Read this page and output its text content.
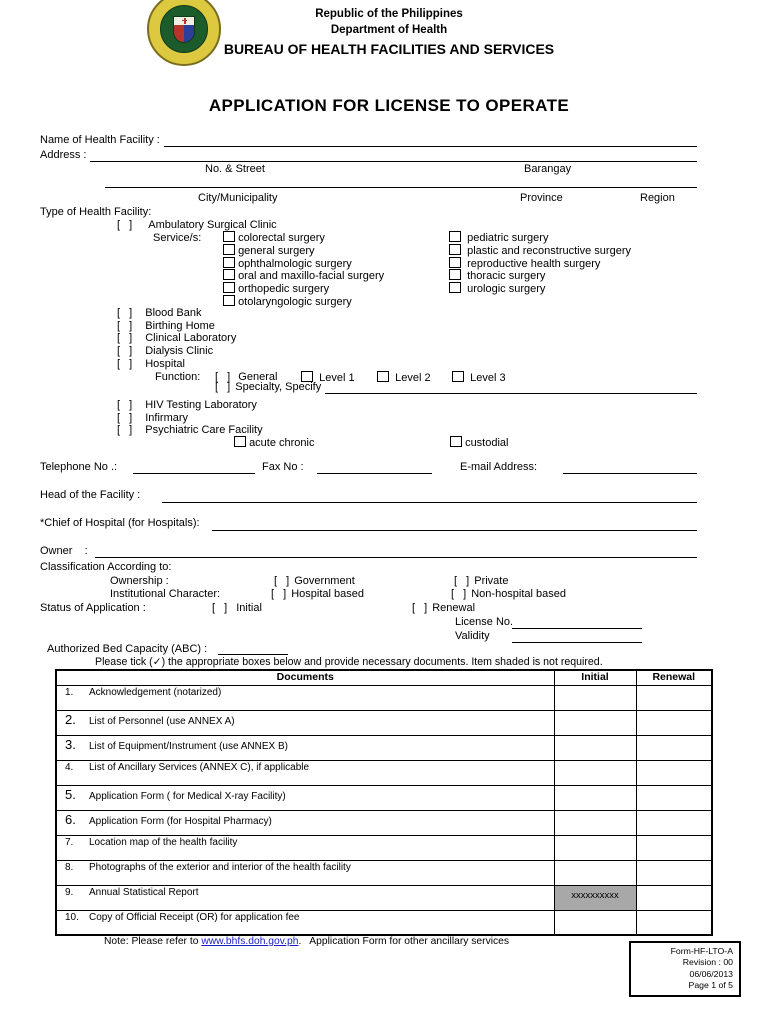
Republic of the Philippines
Department of Health
BUREAU OF HEALTH FACILITIES AND SERVICES
APPLICATION FOR LICENSE TO OPERATE
Name of Health Facility :
Address :
No. & Street	Barangay
City/Municipality	Province	Region
Type of Health Facility:
[  ] Ambulatory Surgical Clinic
Service/s:	colorectal surgery
general surgery
ophthalmologic surgery
oral and maxillo-facial surgery
orthopedic surgery
otolaryngologic surgery
pediatric surgery
plastic and reconstructive surgery
reproductive health surgery
thoracic surgery
urologic surgery
[  ] Blood Bank
[  ] Birthing Home
[  ] Clinical Laboratory
[  ] Dialysis Clinic
[  ] Hospital
Function: [  ] General	Level 1	Level 2	Level 3
[  ] Specialty, Specify
[  ] HIV Testing Laboratory
[  ] Infirmary
[  ] Psychiatric Care Facility
acute chronic	custodial
Telephone No .:	Fax No :	E-mail Address:
Head of the Facility :
*Chief of Hospital (for Hospitals):
Owner    :
Classification According to:
Ownership :	[  ] Government	[  ] Private
Institutional Character:	[  ] Hospital based	[  ] Non-hospital based
Status of Application :	[  ] Initial	[  ] Renewal
License No.
Validity
Authorized Bed Capacity (ABC) :
Please tick (✓) the appropriate boxes below and provide necessary documents. Item shaded is not required.
Documents	Initial	Renewal
1. Acknowledgement (notarized)		
2. List of Personnel (use ANNEX A)		
3. List of Equipment/Instrument (use ANNEX B)		
4. List of Ancillary Services (ANNEX C), if applicable		
5. Application Form ( for Medical X-ray Facility)		
6. Application Form (for Hospital Pharmacy)		
7. Location map of the health facility		
8. Photographs of the exterior and interior of the health facility		
9. Annual Statistical Report	xxxxxxxxxx	
10. Copy of Official Receipt (OR) for application fee		
Note: Please refer to www.bhfs.doh.gov.ph.   Application Form for other ancillary services
Form-HF-LTO-A
Revision : 00
06/06/2013
Page 1 of 5
